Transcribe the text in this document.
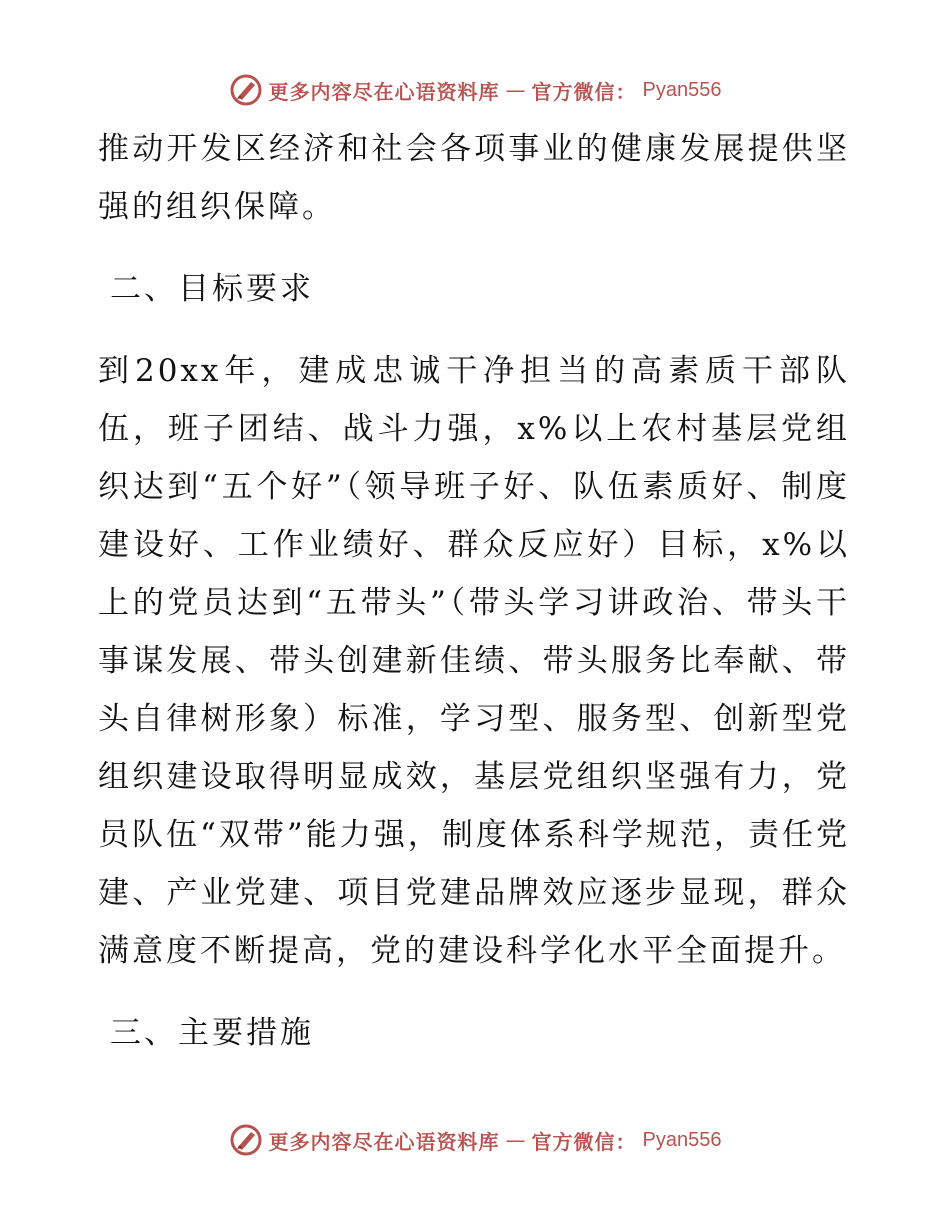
更多内容尽在心语资料库 — 官方微信： Pyan556

推动开发区经济和社会各项事业的健康发展提供坚强的组织保障。

二、目标要求

到20xx年，建成忠诚干净担当的高素质干部队伍，班子团结、战斗力强，x%以上农村基层党组织达到“五个好”（领导班子好、队伍素质好、制度建设好、工作业绩好、群众反应好）目标，x%以上的党员达到“五带头”（带头学习讲政治、带头干事谋发展、带头创建新佳绩、带头服务比奉献、带头自律树形象）标准，学习型、服务型、创新型党组织建设取得明显成效，基层党组织坚强有力，党员队伍“双带”能力强，制度体系科学规范，责任党建、产业党建、项目党建品牌效应逐步显现，群众满意度不断提高，党的建设科学化水平全面提升。

三、主要措施

更多内容尽在心语资料库 — 官方微信： Pyan556
